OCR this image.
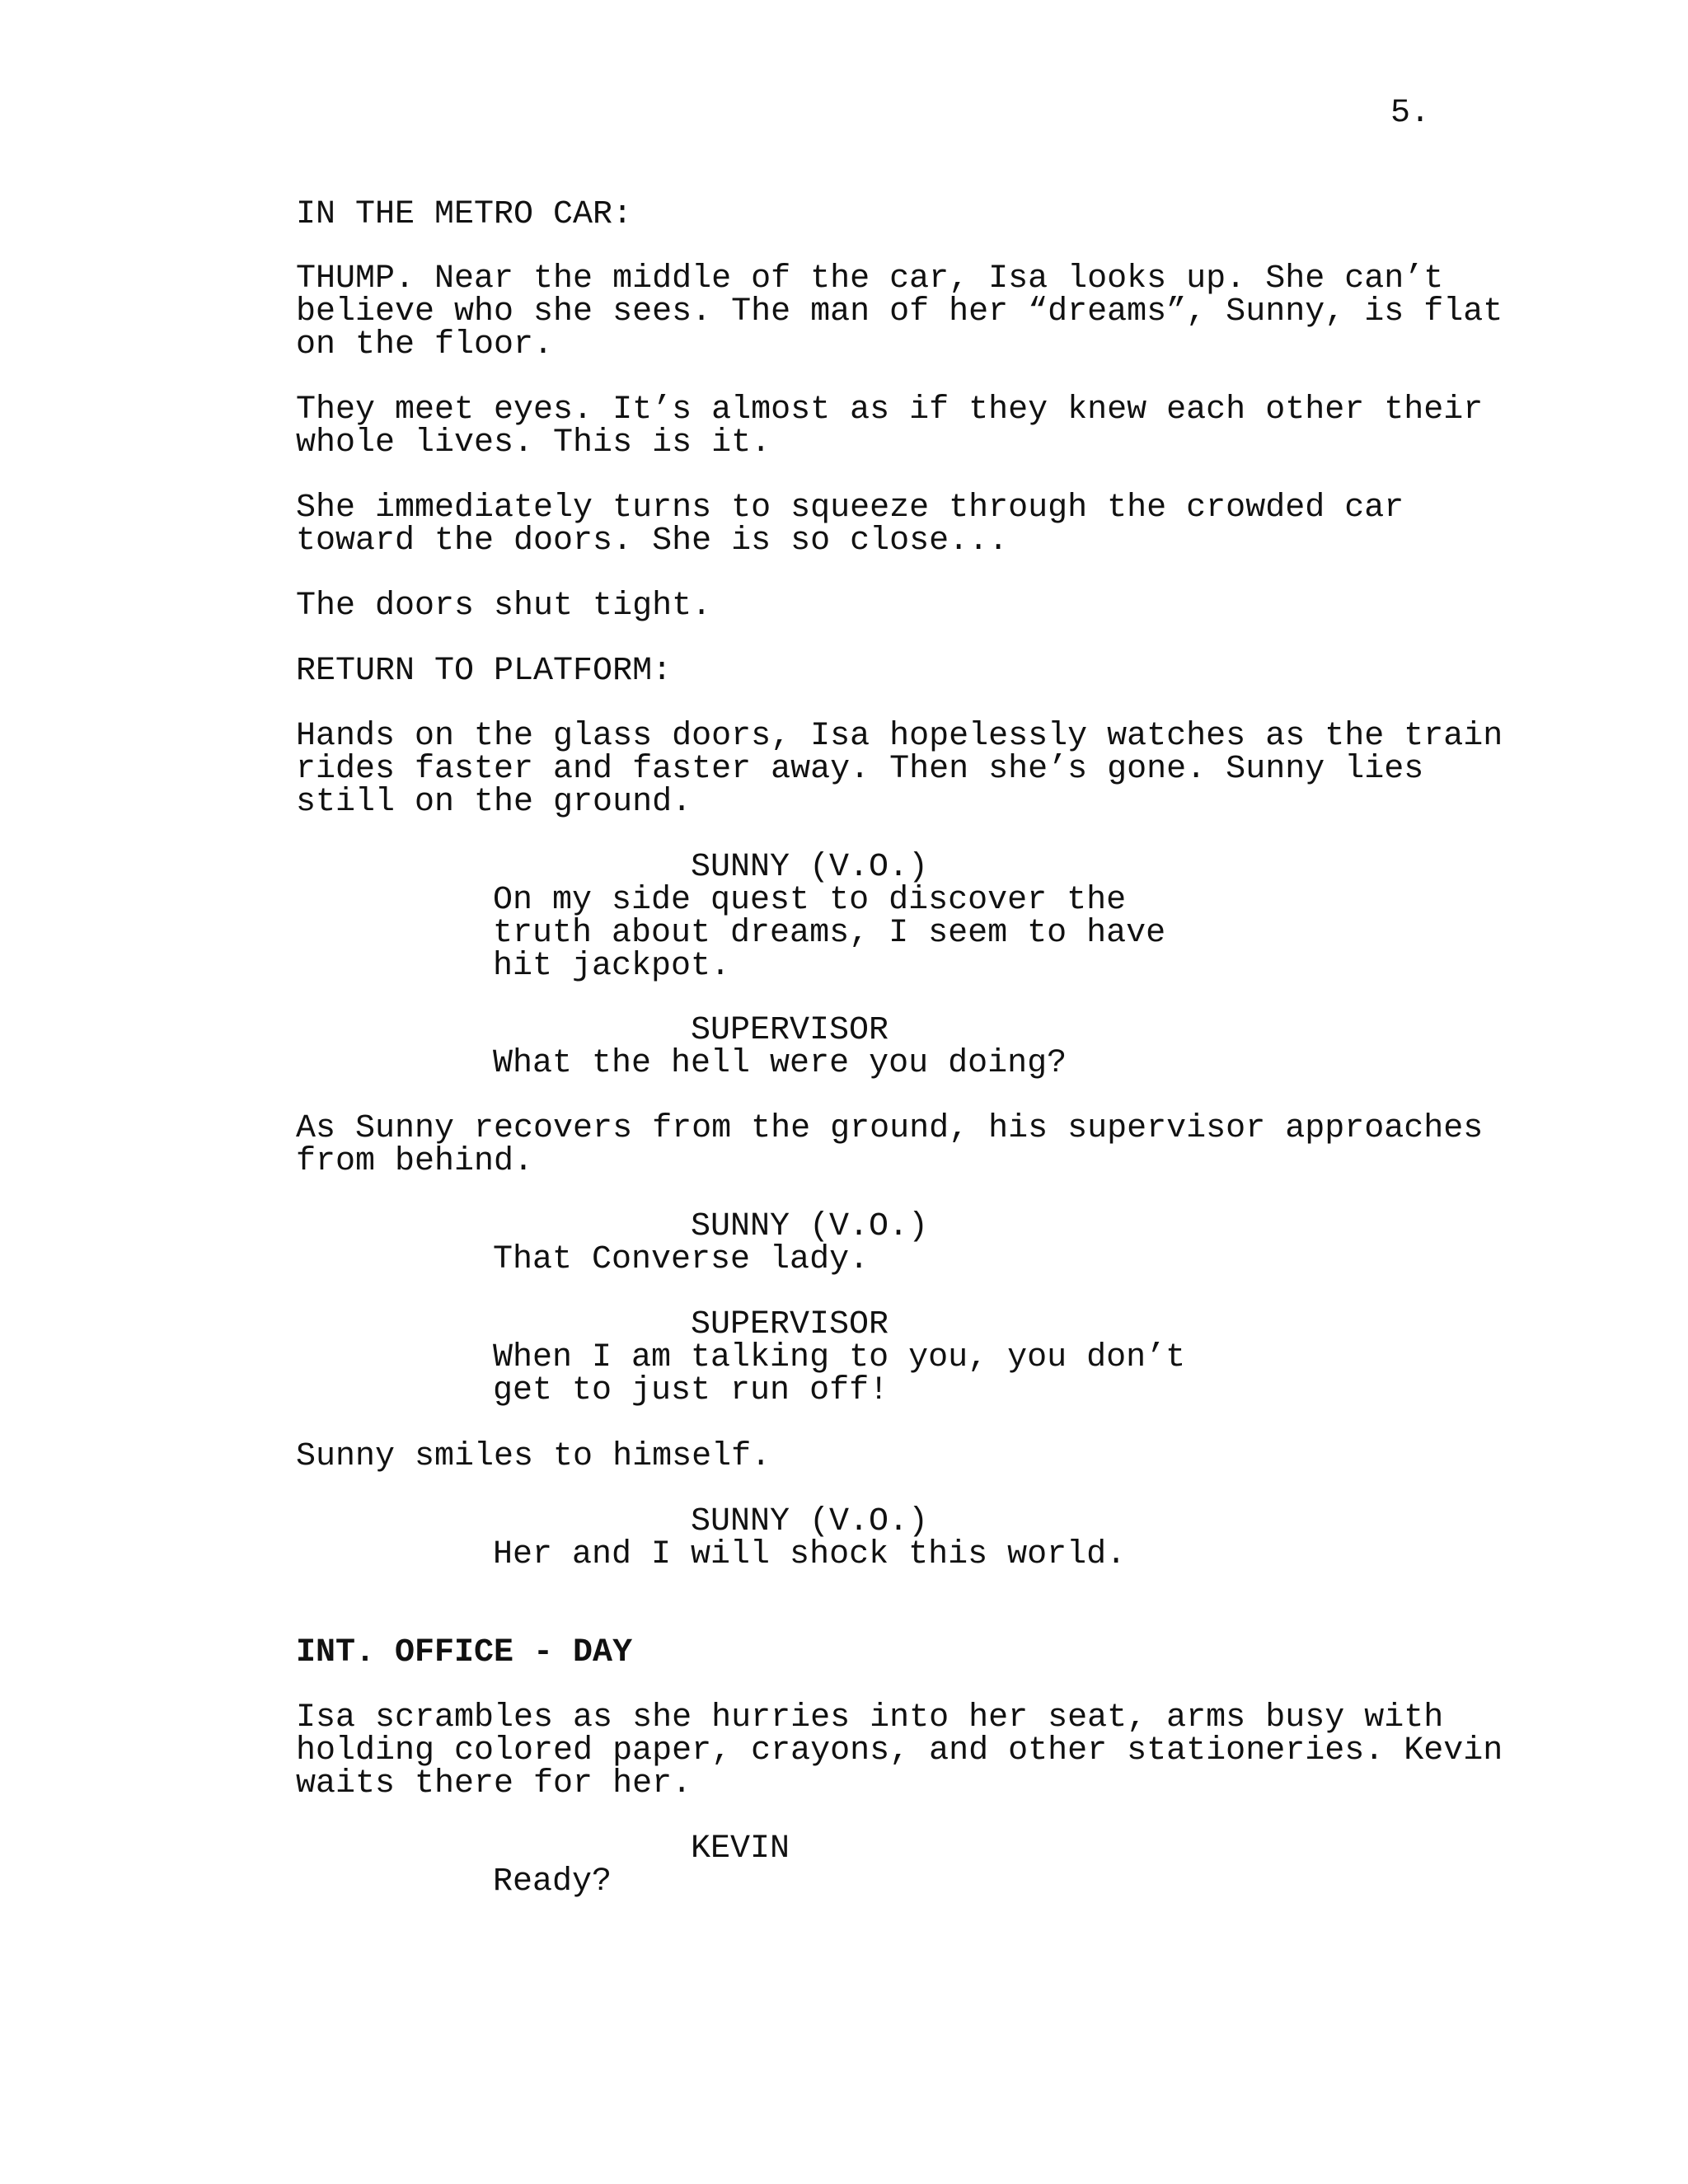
5.
IN THE METRO CAR:
THUMP. Near the middle of the car, Isa looks up. She can’t
believe who she sees. The man of her “dreams”, Sunny, is flat
on the floor.
They meet eyes. It’s almost as if they knew each other their
whole lives. This is it.
She immediately turns to squeeze through the crowded car
toward the doors. She is so close...
The doors shut tight.
RETURN TO PLATFORM:
Hands on the glass doors, Isa hopelessly watches as the train
rides faster and faster away. Then she’s gone. Sunny lies
still on the ground.
SUNNY (V.O.)
On my side quest to discover the
truth about dreams, I seem to have
hit jackpot.
SUPERVISOR
What the hell were you doing?
As Sunny recovers from the ground, his supervisor approaches
from behind.
SUNNY (V.O.)
That Converse lady.
SUPERVISOR
When I am talking to you, you don’t
get to just run off!
Sunny smiles to himself.
SUNNY (V.O.)
Her and I will shock this world.
INT. OFFICE - DAY
Isa scrambles as she hurries into her seat, arms busy with
holding colored paper, crayons, and other stationeries. Kevin
waits there for her.
KEVIN
Ready?
